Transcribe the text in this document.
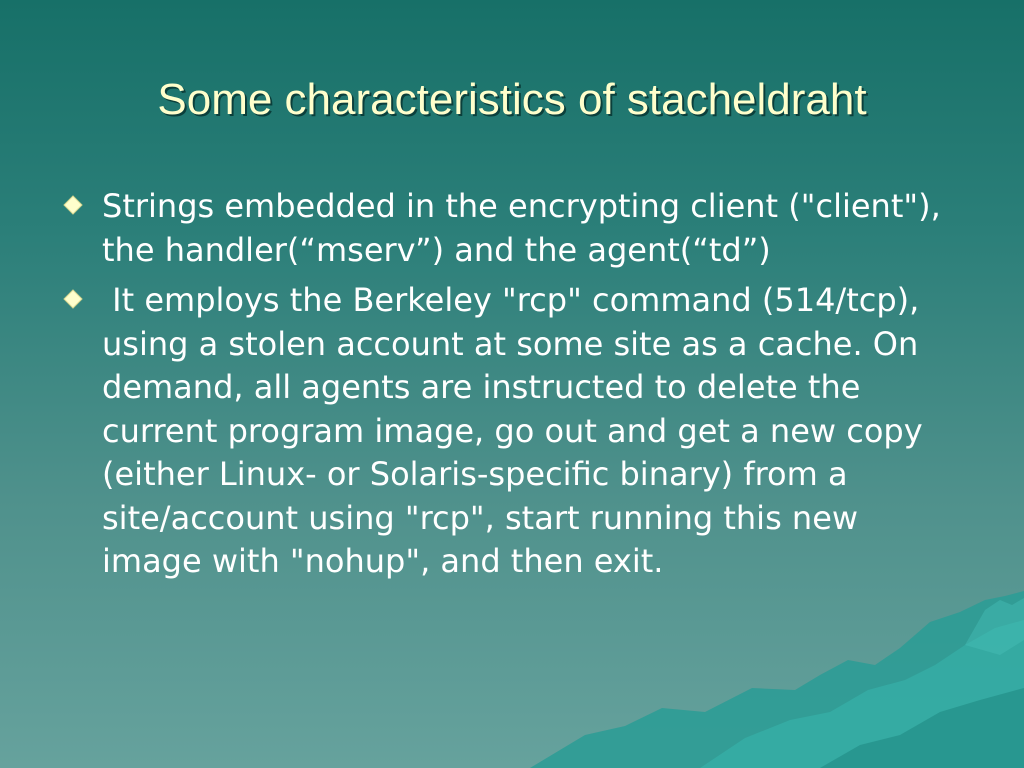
Some characteristics of stacheldraht
Strings embedded in the encrypting client ("client"), the handler(“mserv”) and the agent(“td”)
It employs the Berkeley "rcp" command (514/tcp), using a stolen account at some site as a cache. On demand, all agents are instructed to delete the current program image, go out and get a new copy (either Linux- or Solaris-specific binary) from a site/account using "rcp", start running this new image with "nohup", and then exit.
